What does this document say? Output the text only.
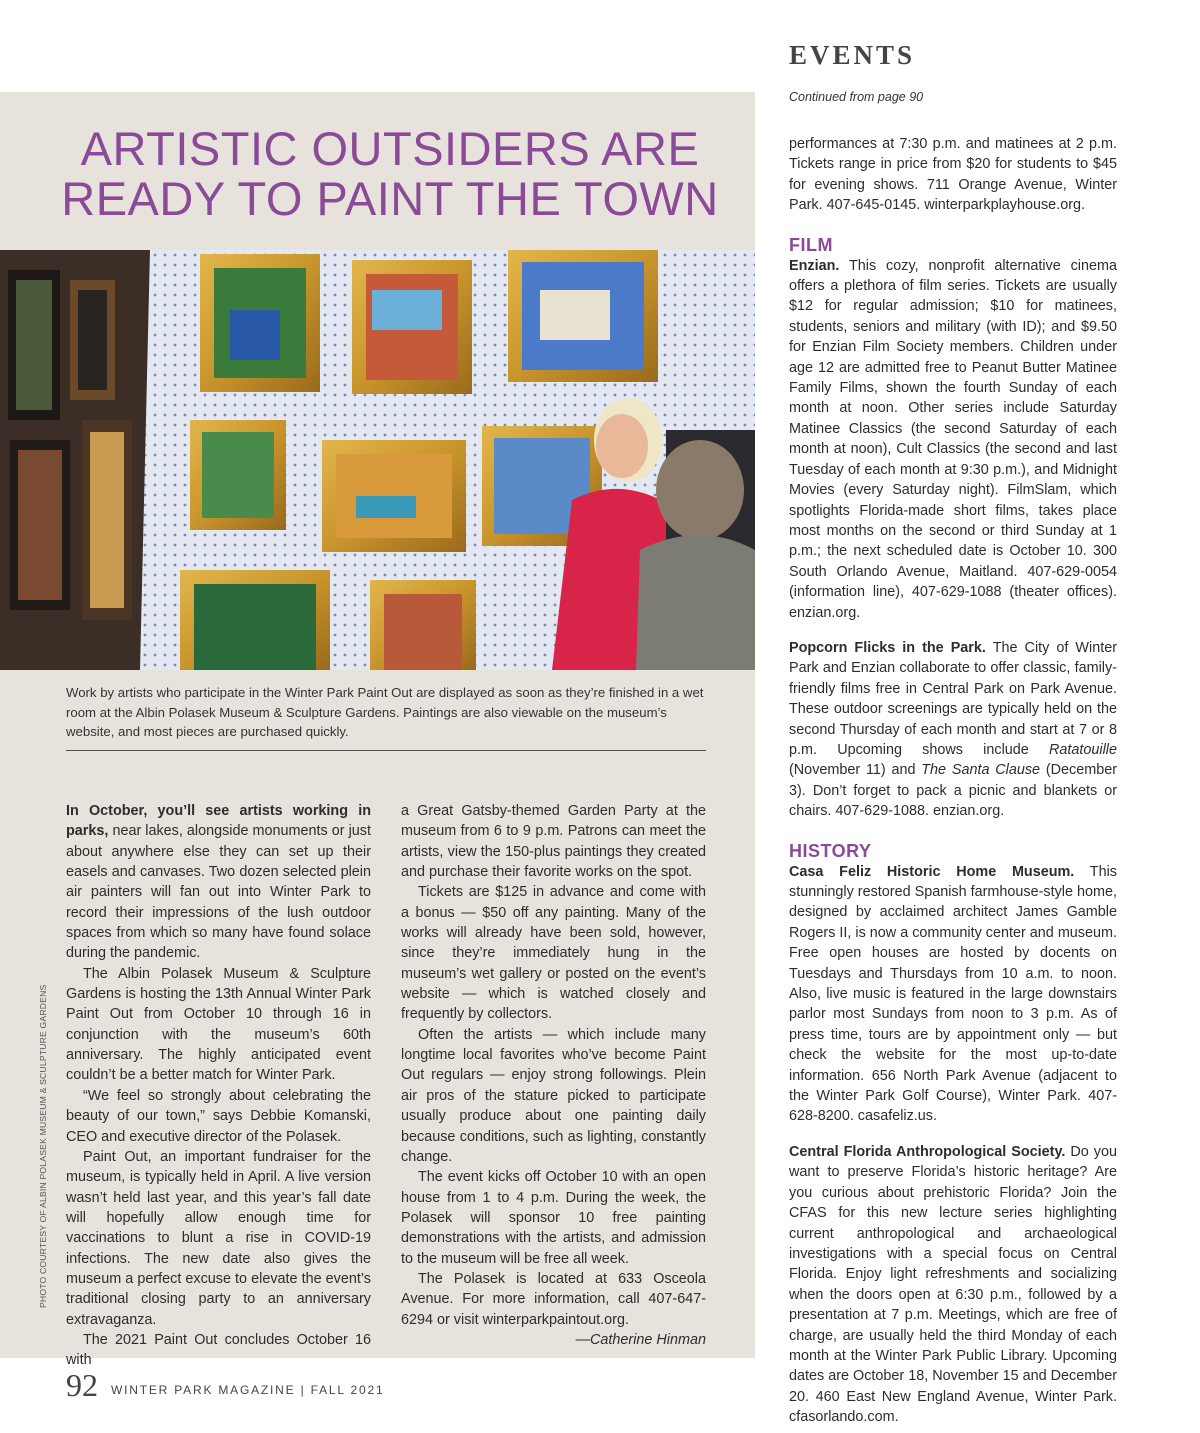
EVENTS
Continued from page 90
ARTISTIC OUTSIDERS ARE
READY TO PAINT THE TOWN
Work by artists who participate in the Winter Park Paint Out are displayed as soon as they’re finished in a wet room at the Albin Polasek Museum & Sculpture Gardens. Paintings are also viewable on the museum’s website, and most pieces are purchased quickly.
PHOTO COURTESY OF ALBIN POLASEK MUSEUM & SCULPTURE GARDENS

In October, you’ll see artists working in parks, near lakes, alongside monuments or just about anywhere else they can set up their easels and canvases. Two dozen selected plein air painters will fan out into Winter Park to record their impressions of the lush outdoor spaces from which so many have found solace during the pandemic.

The Albin Polasek Museum & Sculpture Gardens is hosting the 13th Annual Winter Park Paint Out from October 10 through 16 in conjunction with the museum’s 60th anniversary. The highly anticipated event couldn’t be a better match for Winter Park.

“We feel so strongly about celebrating the beauty of our town,” says Debbie Komanski, CEO and executive director of the Polasek.

Paint Out, an important fundraiser for the museum, is typically held in April. A live version wasn’t held last year, and this year’s fall date will hopefully allow enough time for vaccinations to blunt a rise in COVID-19 infections. The new date also gives the museum a perfect excuse to elevate the event’s traditional closing party to an anniversary extravaganza.

The 2021 Paint Out concludes October 16 with

a Great Gatsby-themed Garden Party at the museum from 6 to 9 p.m. Patrons can meet the artists, view the 150-plus paintings they created and purchase their favorite works on the spot.

Tickets are $125 in advance and come with a bonus — $50 off any painting. Many of the works will already have been sold, however, since they’re immediately hung in the museum’s wet gallery or posted on the event’s website — which is watched closely and frequently by collectors.

Often the artists — which include many longtime local favorites who’ve become Paint Out regulars — enjoy strong followings. Plein air pros of the stature picked to participate usually produce about one painting daily because conditions, such as lighting, constantly change.

The event kicks off October 10 with an open house from 1 to 4 p.m. During the week, the Polasek will sponsor 10 free painting demonstrations with the artists, and admission to the museum will be free all week.

The Polasek is located at 633 Osceola Avenue. For more information, call 407-647-6294 or visit winterparkpaintout.org.

—Catherine Hinman

performances at 7:30 p.m. and matinees at 2 p.m. Tickets range in price from $20 for students to $45 for evening shows. 711 Orange Avenue, Winter Park. 407-645-0145. winterparkplayhouse.org.

FILM

Enzian. This cozy, nonprofit alternative cinema offers a plethora of film series. Tickets are usually $12 for regular admission; $10 for matinees, students, seniors and military (with ID); and $9.50 for Enzian Film Society members. Children under age 12 are admitted free to Peanut Butter Matinee Family Films, shown the fourth Sunday of each month at noon. Other series include Saturday Matinee Classics (the second Saturday of each month at noon), Cult Classics (the second and last Tuesday of each month at 9:30 p.m.), and Midnight Movies (every Saturday night). FilmSlam, which spotlights Florida-made short films, takes place most months on the second or third Sunday at 1 p.m.; the next scheduled date is October 10. 300 South Orlando Avenue, Maitland. 407-629-0054 (information line), 407-629-1088 (theater offices). enzian.org.

Popcorn Flicks in the Park. The City of Winter Park and Enzian collaborate to offer classic, family-friendly films free in Central Park on Park Avenue. These outdoor screenings are typically held on the second Thursday of each month and start at 7 or 8 p.m. Upcoming shows include Ratatouille (November 11) and The Santa Clause (December 3). Don’t forget to pack a picnic and blankets or chairs. 407-629-1088. enzian.org.

HISTORY

Casa Feliz Historic Home Museum. This stunningly restored Spanish farmhouse-style home, designed by acclaimed architect James Gamble Rogers II, is now a community center and museum. Free open houses are hosted by docents on Tuesdays and Thursdays from 10 a.m. to noon. Also, live music is featured in the large downstairs parlor most Sundays from noon to 3 p.m. As of press time, tours are by appointment only — but check the website for the most up-to-date information. 656 North Park Avenue (adjacent to the Winter Park Golf Course), Winter Park. 407-628-8200. casafeliz.us.

Central Florida Anthropological Society. Do you want to preserve Florida’s historic heritage? Are you curious about prehistoric Florida? Join the CFAS for this new lecture series highlighting current anthropological and archaeological investigations with a special focus on Central Florida. Enjoy light refreshments and socializing when the doors open at 6:30 p.m., followed by a presentation at 7 p.m. Meetings, which are free of charge, are usually held the third Monday of each month at the Winter Park Public Library. Upcoming dates are October 18, November 15 and December 20. 460 East New England Avenue, Winter Park. cfasorlando.com.

92 WINTER PARK MAGAZINE | FALL 2021
